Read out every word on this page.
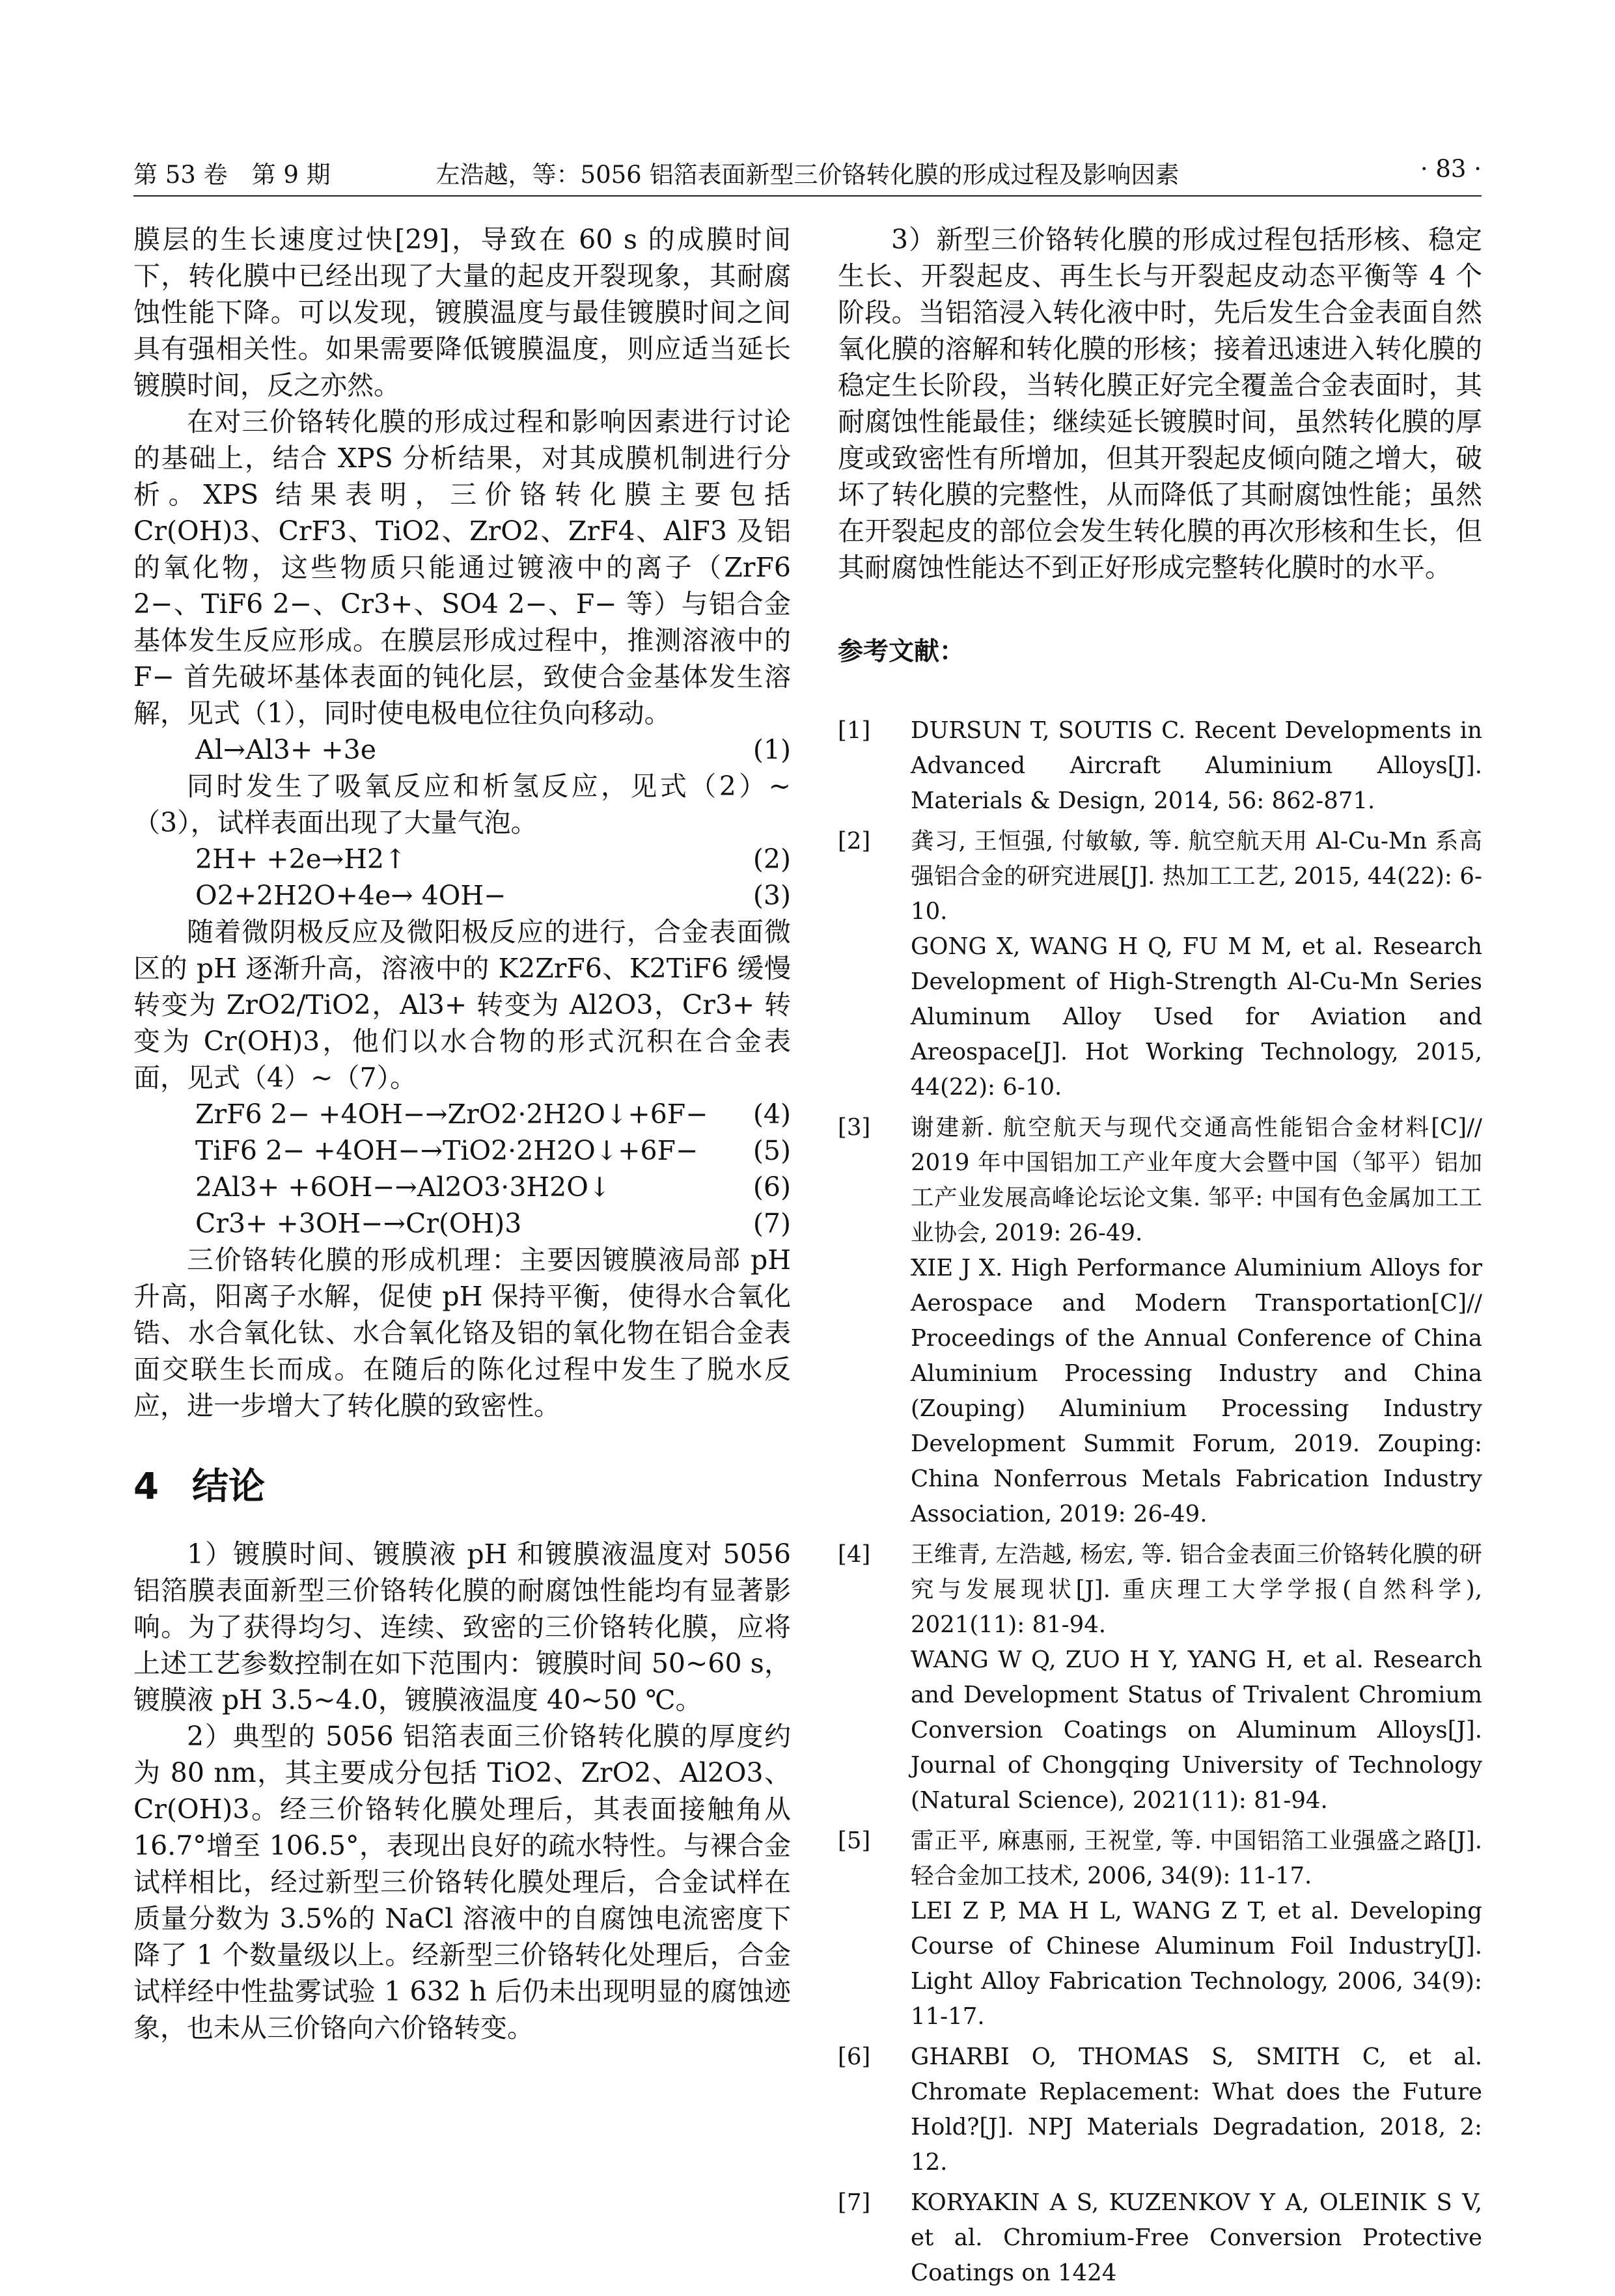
第 53 卷　第 9 期	左浩越，等：5056 铝箔表面新型三价铬转化膜的形成过程及影响因素	· 83 ·

膜层的生长速度过快[29]，导致在 60 s 的成膜时间下，转化膜中已经出现了大量的起皮开裂现象，其耐腐蚀性能下降。可以发现，镀膜温度与最佳镀膜时间之间具有强相关性。如果需要降低镀膜温度，则应适当延长镀膜时间，反之亦然。

在对三价铬转化膜的形成过程和影响因素进行讨论的基础上，结合 XPS 分析结果，对其成膜机制进行分析。XPS 结果表明，三价铬转化膜主要包括 Cr(OH)3、CrF3、TiO2、ZrO2、ZrF4、AlF3 及铝的氧化物，这些物质只能通过镀液中的离子（ZrF6 2−、TiF6 2−、Cr3+、SO4 2−、F− 等）与铝合金基体发生反应形成。在膜层形成过程中，推测溶液中的 F− 首先破坏基体表面的钝化层，致使合金基体发生溶解，见式（1），同时使电极电位往负向移动。

Al→Al3+ +3e	(1)

同时发生了吸氧反应和析氢反应，见式（2）~（3），试样表面出现了大量气泡。

2H+ +2e→H2↑	(2)
O2+2H2O+4e→ 4OH−	(3)

随着微阴极反应及微阳极反应的进行，合金表面微区的 pH 逐渐升高，溶液中的 K2ZrF6、K2TiF6 缓慢转变为 ZrO2/TiO2，Al3+ 转变为 Al2O3，Cr3+ 转变为 Cr(OH)3，他们以水合物的形式沉积在合金表面，见式（4）~（7）。

ZrF6 2− +4OH−→ZrO2·2H2O↓+6F− (4)
TiF6 2− +4OH−→TiO2·2H2O↓+6F− (5)
2Al3+ +6OH−→Al2O3·3H2O↓	(6)
Cr3+ +3OH−→Cr(OH)3	(7)

三价铬转化膜的形成机理：主要因镀膜液局部 pH 升高，阳离子水解，促使 pH 保持平衡，使得水合氧化锆、水合氧化钛、水合氧化铬及铝的氧化物在铝合金表面交联生长而成。在随后的陈化过程中发生了脱水反应，进一步增大了转化膜的致密性。

4 结论

1）镀膜时间、镀膜液 pH 和镀膜液温度对 5056 铝箔膜表面新型三价铬转化膜的耐腐蚀性能均有显著影响。为了获得均匀、连续、致密的三价铬转化膜，应将上述工艺参数控制在如下范围内：镀膜时间 50~60 s，镀膜液 pH 3.5~4.0，镀膜液温度 40~50 ℃。

2）典型的 5056 铝箔表面三价铬转化膜的厚度约为 80 nm，其主要成分包括 TiO2、ZrO2、Al2O3、Cr(OH)3。经三价铬转化膜处理后，其表面接触角从 16.7°增至 106.5°，表现出良好的疏水特性。与裸合金试样相比，经过新型三价铬转化膜处理后，合金试样在质量分数为 3.5%的 NaCl 溶液中的自腐蚀电流密度下降了 1 个数量级以上。经新型三价铬转化处理后，合金试样经中性盐雾试验 1 632 h 后仍未出现明显的腐蚀迹象，也未从三价铬向六价铬转变。

3）新型三价铬转化膜的形成过程包括形核、稳定生长、开裂起皮、再生长与开裂起皮动态平衡等 4 个阶段。当铝箔浸入转化液中时，先后发生合金表面自然氧化膜的溶解和转化膜的形核；接着迅速进入转化膜的稳定生长阶段，当转化膜正好完全覆盖合金表面时，其耐腐蚀性能最佳；继续延长镀膜时间，虽然转化膜的厚度或致密性有所增加，但其开裂起皮倾向随之增大，破坏了转化膜的完整性，从而降低了其耐腐蚀性能；虽然在开裂起皮的部位会发生转化膜的再次形核和生长，但其耐腐蚀性能达不到正好形成完整转化膜时的水平。

参考文献：
[1] DURSUN T, SOUTIS C. Recent Developments in Advanced Aircraft Aluminium Alloys[J]. Materials & Design, 2014, 56: 862-871.
[2] 龚习, 王恒强, 付敏敏, 等. 航空航天用 Al-Cu-Mn 系高强铝合金的研究进展[J]. 热加工工艺, 2015, 44(22): 6-10.
GONG X, WANG H Q, FU M M, et al. Research Development of High-Strength Al-Cu-Mn Series Aluminum Alloy Used for Aviation and Areospace[J]. Hot Working Technology, 2015, 44(22): 6-10.
[3] 谢建新. 航空航天与现代交通高性能铝合金材料[C]// 2019 年中国铝加工产业年度大会暨中国（邹平）铝加工产业发展高峰论坛论文集. 邹平: 中国有色金属加工工业协会, 2019: 26-49.
XIE J X. High Performance Aluminium Alloys for Aerospace and Modern Transportation[C]// Proceedings of the Annual Conference of China Aluminium Processing Industry and China (Zouping) Aluminium Processing Industry Development Summit Forum, 2019. Zouping: China Nonferrous Metals Fabrication Industry Association, 2019: 26-49.
[4] 王维青, 左浩越, 杨宏, 等. 铝合金表面三价铬转化膜的研究与发展现状[J]. 重庆理工大学学报(自然科学), 2021(11): 81-94.
WANG W Q, ZUO H Y, YANG H, et al. Research and Development Status of Trivalent Chromium Conversion Coatings on Aluminum Alloys[J]. Journal of Chongqing University of Technology (Natural Science), 2021(11): 81-94.
[5] 雷正平, 麻惠丽, 王祝堂, 等. 中国铝箔工业强盛之路[J]. 轻合金加工技术, 2006, 34(9): 11-17.
LEI Z P, MA H L, WANG Z T, et al. Developing Course of Chinese Aluminum Foil Industry[J]. Light Alloy Fabrication Technology, 2006, 34(9): 11-17.
[6] GHARBI O, THOMAS S, SMITH C, et al. Chromate Replacement: What does the Future Hold?[J]. NPJ Materials Degradation, 2018, 2: 12.
[7] KORYAKIN A S, KUZENKOV Y A, OLEINIK S V, et al. Chromium-Free Conversion Protective Coatings on 1424
